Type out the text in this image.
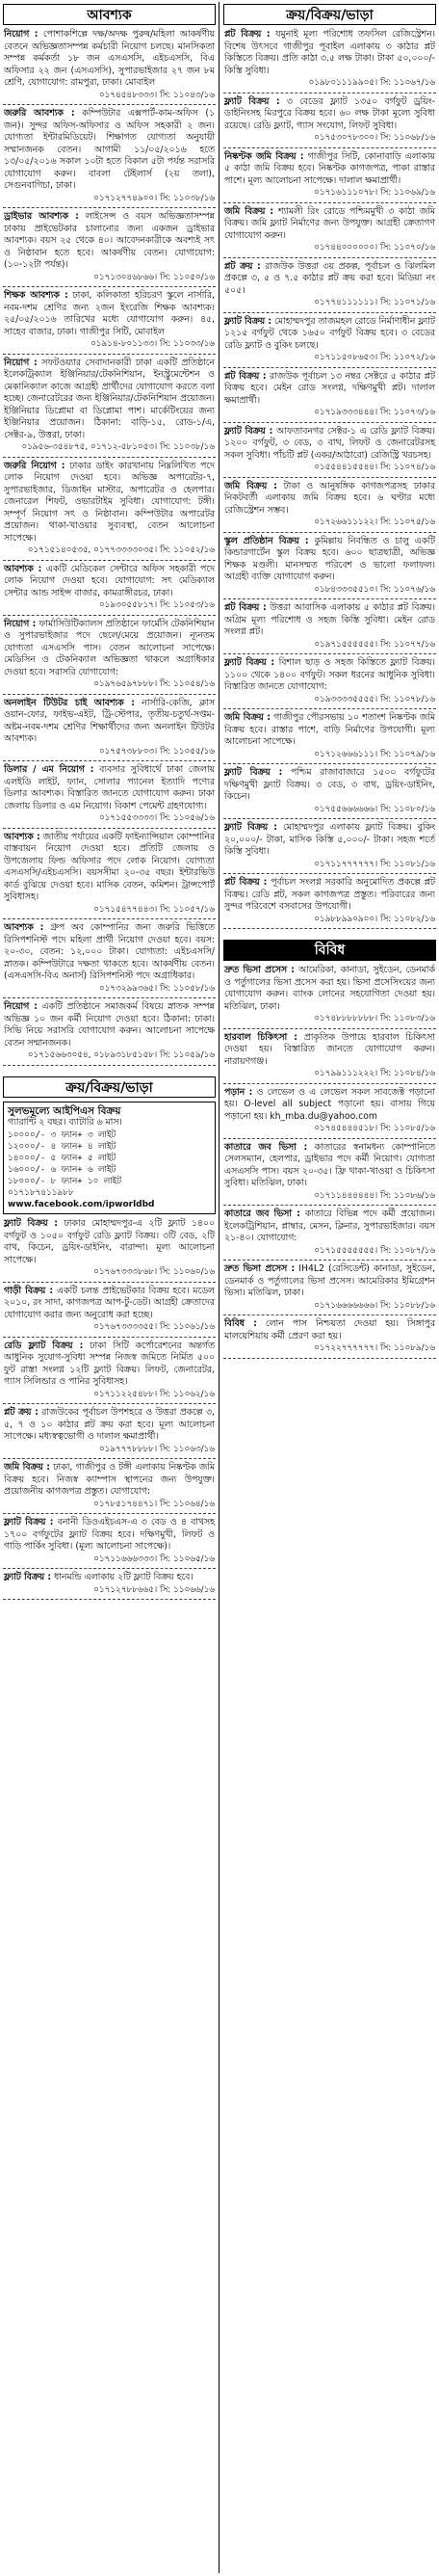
আবশ্যক
নিয়োগ : পোশাকশিল্পে দক্ষ/অদক্ষ পুরুষ/মহিলা আকর্ষণীয় বেতনে অভিজ্ঞতাসম্পন্ন কর্মচারী নিয়োগ চলছে। মানসিকতা সম্পন্ন কর্মকর্তা ১৮ জন এসএসসি, এইচএসসি, বিএ অফিসার ২২ জন (এসএসসি), সুপারভাইজার ২৭ জন ৮ম শ্রেণি, যোগাযোগ: রামপুরা, ঢাকা। মোবাইল
০১৭৪৫৪৮৩৩৩। সি: ১১০৪৩/১৬
জরুরি আবশ্যক : কম্পিউটার এক্সপার্ট-কাম-অফিস (১ জন)। সুন্দর অফিস-অফিসার ও অফিস সহকারী ২ জন। যোগ্যতা ইন্টারমিডিয়েট। শিক্ষাগত যোগ্যতা অনুযায়ী সম্মানজনক বেতন। আগামী ১১/০৫/২০১৬ হতে ১৩/০৫/২০১৬ সকাল ১০টা হতে বিকাল ৫টা পর্যন্ত সরাসরি যোগাযোগ করুন। বাবলা টেইলার্স (২য় তলা), সেগুনবাগিচা, ঢাকা।
০১৭১২৭৭৪৯০০। সি: ১১০৩৮/১৬
ড্রাইভার আবশ্যক : লাইসেন্স ও বয়স অভিজ্ঞতাসম্পন্ন ঢাকায় প্রাইভেটকার চালানোর জন্য একজন ড্রাইভার আবশ্যক। বয়স ২৫ থেকে ৪০। আবেদনকারীকে অবশ্যই সৎ ও নিষ্ঠাবান হতে হবে। আকর্ষণীয় বেতন। যোগাযোগ: (১০-১২টা পর্যন্ত)।
০১৭১৩০৪৬৮৬৬। সি: ১১০৫০/১৬
শিক্ষক আবশ্যক : ঢাকা, কলিকাতা হরিচরণ স্কুলে নার্সারি, নবম-দশম শ্রেণির জন্য ২জন ইংরেজি শিক্ষক আবশ্যক। ২৫/০৫/২০১৬ তারিখের মধ্যে যোগাযোগ করুন। ৪৫, সাহেব বাজার, ঢাকা। গাজীপুর সিটি, মোবাইল
০১৯১৪-৮০১১৩৩। সি: ১১০৩৩/১৬
নিয়োগ : সফটওয়্যার সেবাদানকারী ঢাকা একটি প্রতিষ্ঠানে ইলেকট্রিক্যাল ইঞ্জিনিয়ার/টেকনিশিয়ান, ইনস্ট্রুমেন্টেশন ও মেকানিক্যাল কাজে আগ্রহী প্রার্থীদের যোগাযোগ করতে বলা হচ্ছে। জেনারেটরের জন্য ইঞ্জিনিয়ার/টেকনিশিয়ান প্রয়োজন। ইঞ্জিনিয়ার ডিপ্লোমা বা ডিপ্লোমা পাশ। মার্কেটিংয়ের জন্য ইঞ্জিনিয়ার প্রয়োজন। ঠিকানা: বাড়ি-১৫, রোড-১/এ, সেক্টর-৯, উত্তরা, ঢাকা।
০১৯৫৬-৩৫৪৮৭৫, ০১৭১২-৫৮১০৫৩। সি: ১১০৩৮/১৬
জরুরি নিয়োগ : ঢাকার ডাইং কারখানায় নিম্নলিখিত পদে লোক নিয়োগ দেওয়া হবে। অভিজ্ঞ অপারেটর-৭, সুপারভাইজার, ডিজাইন মাস্টার, অপারেটর ও হেলপার। জেনারেল শিফট, ওভারটাইম সুবিধা। যোগাযোগ: টঙ্গী। সম্পূর্ণ নিয়োগ সৎ ও নিষ্ঠাবান। কম্পিউটার অপারেটর প্রয়োজন। থাকা-খাওয়ার সুব্যবস্থা, বেতন আলোচনা সাপেক্ষে।
০১৭১৫১৪০৫৩৫, ০১৭৭৩৩৩৩০৩৫। সি: ১১০৫২/১৬
আবশ্যক : একটি মেডিকেল সেন্টারে অফিস সহকারী পদে লোক নিয়োগ দেওয়া হবে। যোগাযোগ: সৎ মেডিক্যাল সেন্টার আন্ড সাইন্স বাজার, কামরাঙ্গীরচর, ঢাকা।
০১৯৩০৫৫৮১৭। সি: ১১০৫৩/১৬
নিয়োগ : ফার্মাসিউটিক্যালস প্রতিষ্ঠানে ফার্মেসি টেকনিশিয়ান ও সুপারভাইজার পদে ছেলে/মেয়ে প্রয়োজন। ন্যূনতম যোগ্যতা এসএসসি পাস। বেতন আলোচনা সাপেক্ষে। মেডিসিন ও টেকনিক্যাল অভিজ্ঞতা থাকলে অগ্রাধিকার দেওয়া হবে। সরাসরি যোগাযোগ:
০১৯৭৬৫৯৭৮৮৮। সি: ১১০৫৪/১৬
অনলাইন টিউটর চাই আবশ্যক : নার্সারি-কেজি, ক্লাস ওয়ান-ফোর, ফাইভ-এইট, ট্রি-স্টেপার, তৃতীয়-চতুর্থ-সপ্তম-অষ্টম-নবম-দশম শ্রেণির শিক্ষার্থীদের জন্য অনলাইন টিউটর আবশ্যক।
০১৭৫৭৩৮৮০৩। সি: ১১০৫৫/১৬
ডিলার / এম নিয়োগ : ব্যবসার সুবিধার্থে ঢাকা জেলায় এলইডি লাইট, ফ্যান, সোলার প্যানেল ইত্যাদি পণ্যের ডিলার আবশ্যক। বিস্তারিত জানতে যোগাযোগ করুন। ঢাকা জেলায় ডিলার ও এম নিয়োগ। বিকাশ পেমেন্ট গ্রহণযোগ্য।
০১৭১৫৫৩৩৩৩। সি: ১১০৫৬/১৬
আবশ্যক : জাতীয় পর্যায়ের একটি ফাইন্যান্সিয়াল কোম্পানির বাস্তবায়ন নিয়োগ দেওয়া হবে। প্রতিটি জেলায় ও উপজেলায় ফিল্ড অফিসার পদে লোক নিয়োগ। যোগ্যতা এসএসসি/এইচএসসি। বয়সসীমা ২০-৩৫ বছর। ইন্টারভিউ কার্ড বুঝিয়ে দেওয়া হবে। মাসিক বেতন, কমিশন। ট্রান্সপোর্ট সুবিধাসহ।
০১৭১৫৪৭৭৪৪৩। সি: ১১০৫৭/১৬
আবশ্যক : গ্রুপ অব কোম্পানির জন্য জরুরি ভিত্তিতে রিসিপশনিস্ট পদে মহিলা প্রার্থী নিয়োগ দেওয়া হবে। বয়স: ২০-৩০, বেতন: ১২,০০০ টাকা। যোগ্যতা: এইচএসসি/স্নাতক। কম্পিউটারে দক্ষতা থাকতে হবে। আকর্ষণীয় বেতন। (এসএসসি-বিএ অনার্স) রিসিপশনিস্ট পদে অগ্রাধিকার।
০১৭৩২৯৯৩৬৫। সি: ১১০৫৮/১৬
নিয়োগ : একটি প্রতিষ্ঠানে সমাজকর্ম বিষয়ে স্নাতক সম্পন্ন অভিজ্ঞ ১০ জন কর্মী নিয়োগ দেওয়া হবে। ঠিকানা: ঢাকা। সিভি নিয়ে সরাসরি যোগাযোগ করুন। আলোচনা সাপেক্ষে বেতন সম্মানজনক।
০১৭১৫৬৬৩০৫৪, ০১৮৯৩১৮৫১৫৮। সি: ১১০৫৯/১৬
ক্রয়/বিক্রয়/ভাড়া
সুলভমূল্যে আইপিএস বিক্রয়
গ্যারান্টি ২ বছর। ব্যাটারি ৬ মাস।
১০০০০/- ৩ ফ্যান+ ৩ লাইট
১২০০০/- ৪ ফ্যান+ ৪ লাইট
১৪০০০/- ৫ ফ্যান+ ৫ লাইট
১৬০০০/- ৬ ফ্যান+ ৬ লাইট
১৮০০০/- ৮ ফ্যান+ ১০ লাইট
০১৭১৮৭৪১১৯৮৮
www.facebook.com/ipworldbd
ফ্ল্যাট বিক্রয় : ঢাকার মোহাম্মদপুর-এ ২টি ফ্ল্যাট ১৪০০ বর্গফুট ও ১০৫০ বর্গফুট রেডি ফ্ল্যাট বিক্রয়। ৩টি বেড, ২টি বাথ, কিচেন, ড্রয়িং-ডাইনিং, বারান্দা। মূল্য আলোচনা সাপেক্ষে।
০১৭৬৭৩৩৩৮৬৮। সি: ১১০৬০/১৬
গাড়ী বিক্রয় : একটি চলন্ত প্রাইভেটকার বিক্রয় হবে। মডেল ২০১০, রং সাদা, কাগজপত্র আপ-টু-ডেট। আগ্রহী ক্রেতাদের যোগাযোগ করার জন্য অনুরোধ করা হচ্ছে।
০১৭৬৭৩৩৩৩৫৫। সি: ১১০৬১/১৬
রেডি ফ্ল্যাট বিক্রয় : ঢাকা সিটি কর্পোরেশনের অন্তর্গত আধুনিক সুযোগ-সুবিধা সম্পন্ন নিজস্ব জমিতে নির্মিত ৫০০ ফুট রাস্তা সংলগ্ন ১২টি ফ্ল্যাট বিক্রয়। লিফট, জেনারেটর, গ্যাস সিলিন্ডার ও পানির সুবিধাসহ।
০১৭১১২২৫৪৮৮। সি: ১১০৬২/১৬
প্লট ক্রয় : রাজউকের পূর্বাচল উপশহরে ও উত্তরা প্রকল্পে ৩, ৫, ৭ ও ১০ কাঠার প্লট ক্রয় করা হবে। মূল্য আলোচনা সাপেক্ষে। মধ্যস্বত্বভোগী ও দালাল ক্ষমাপ্রার্থী।
০১৯৭৭৭৮৮৮৮। সি: ১১০৬৩/১৬
জমি বিক্রয় : ঢাকা, গাজীপুর ও টঙ্গী এলাকায় নিষ্কণ্টক জমি বিক্রয় হবে। নিজস্ব ক্যাম্পাস স্থাপনের জন্য উপযুক্ত। প্রয়োজনীয় কাগজপত্র প্রস্তুত। যোগাযোগ:
০১৭৮৫১৭৪৪৭১। সি: ১১০৬৪/১৬
ফ্ল্যাট বিক্রয় : বনানী ডিওএইচএস-এ ৩ বেড ও ৪ বাথসহ ১৭০০ বর্গফুটের ফ্ল্যাট বিক্রয় হবে। দক্ষিণমুখী, লিফট ও গাড়ি পার্কিং সুবিধা। (মূল্য আলোচনা সাপেক্ষে)।
০১৭১১৬৬৬৩৩৩। সি: ১১০৬৫/১৬
ফ্ল্যাট বিক্রয় : ধানমন্ডি এলাকায় ২টি ফ্ল্যাট বিক্রয় হবে।
০১৭১২৭৮৮৬৬৫। সি: ১১০৬৬/১৬
ক্রয়/বিক্রয়/ভাড়া
প্লট বিক্রয় : যমুনাই মূল্য পরিশোধ তফসিল রেজিস্ট্রেশন। বিশেষ উৎসবে গাজীপুর পূবাইল এলাকায় ৩ কাঠার প্লট কিস্তিতে বিক্রয়। প্রতি কাঠা ৩.৫ লক্ষ টাকা। টাকা ৫০,০০০/- কিস্তি সুবিধা।
০১৯৮০১১১৯৯০৫। সি: ১১০৬৭/১৬
ফ্ল্যাট বিক্রয় : ৩ বেডের ফ্ল্যাট ১৩৫০ বর্গফুট ড্রয়িং-ডাইনিংসহ মিরপুরে বিক্রয় হবে। ৬০ লক্ষ টাকা মূল্যে সুবিধা রয়েছে। রেডি ফ্ল্যাট, গ্যাস সংযোগ, লিফট সুবিধা।
০১৭৫৩০৭৮৩০০। সি: ১১০৬৮/১৬
নিষ্কণ্টক জমি বিক্রয় : গাজীপুর সিটি, কোনাবাড়ি এলাকায় ৫ কাঠা জমি বিক্রয় হবে। নিষ্কণ্টক কাগজপত্র, পাকা রাস্তার পাশে। মূল্য আলোচনা সাপেক্ষে। দালাল ক্ষমাপ্রার্থী।
০১৭১৬১১১০৭৮। সি: ১১০৬৯/১৬
জমি বিক্রয় : শ্যামলী রিং রোডে পশ্চিমমুখী ৩ কাঠা জমি বিক্রয়। জমি ফ্ল্যাট নির্মাণের জন্য উপযুক্ত। আগ্রহী ক্রেতাগণ যোগাযোগ করুন।
০১৭৪৪০০০০০০। সি: ১১০৭০/১৬
প্লট ক্রয় : রাজউক উত্তরা ৩য় প্রকল্প, পূর্বাচল ও ঝিলমিল প্রকল্পে ৩, ৫ ও ৭.৫ কাঠার প্লট ক্রয় করা হবে। মিডিয়া নং ৫০৫।
০১৭৭৪১১১১১১। সি: ১১০৭১/১৬
ফ্ল্যাট বিক্রয় : মোহাম্মদপুর তাজমহল রোডে নির্মাণাধীন ফ্ল্যাট ১২১৫ বর্গফুট থেকে ১৬৫০ বর্গফুট বিক্রয় হবে। ৩ বেডের রেডি ফ্ল্যাট ও বুকিং চলছে।
০১৭১১৫০৮৬৫৩। সি: ১১০৭২/১৬
প্লট বিক্রয় : রাজউক পূর্বাচল ১৩ নম্বর সেক্টরে ৫ কাঠার প্লট বিক্রয় হবে। মেইন রোড সংলগ্ন, দক্ষিণমুখী প্লট। দালাল ক্ষমাপ্রার্থী।
০১৭১৯৩৩৩৪৪৪। সি: ১১০৭৩/১৬
ফ্ল্যাট বিক্রয় : আফতাবনগর সেক্টর-১ এ রেডি ফ্ল্যাট বিক্রয়। ১২০০ বর্গফুট, ৩ বেড, ৩ বাথ, লিফট ও জেনারেটরসহ সকল সুবিধা। পাঁচটি প্লট (একর/আঠারো) রেজিস্ট্রি খরচসহ।
০১৫৫৪৪১৫৫৪৪। সি: ১১০৭৪/১৬
জমি বিক্রয় : টাকা ও আনুষঙ্গিক কাগজপত্রসহ ঢাকার নিকটবর্তী এলাকায় জমি বিক্রয় হবে। ৬ ঘণ্টার মধ্যে রেজিস্ট্রেশন সম্ভব।
০১৭২৬৬১১১২২। সি: ১১০৭৫/১৬
স্কুল প্রতিষ্ঠান বিক্রয় : কুমিল্লায় নিবন্ধিত ও চালু একটি কিন্ডারগার্টেন স্কুল বিক্রয় হবে। ৬০০ ছাত্রছাত্রী, অভিজ্ঞ শিক্ষক মণ্ডলী। মানসম্মত পরিবেশ ও ভালো ফলাফল। আগ্রহী ব্যক্তি যোগাযোগ করুন।
০১৮৪৩৩৩৫৫১০। সি: ১১০৭৬/১৬
প্লট বিক্রয় : উত্তরা আবাসিক এলাকায় ৫ কাঠার প্লট বিক্রয়। অগ্রিম মূল্য পরিশোধ ও সহজ কিস্তি সুবিধা। মেইন রোড সংলগ্ন প্লট।
০১৯৭১৫৫৫৫৫৫। সি: ১১০৭৭/১৬
ফ্ল্যাট বিক্রয় : বিশাল ছাড় ও সহজ কিস্তিতে ফ্ল্যাট বিক্রয়। ১১০০ থেকে ১৪০০ বর্গফুট। সকল ধরনের আধুনিক সুবিধা। বিস্তারিত জানতে যোগাযোগ:
০১৯৩৩৩৩৫৫৫৫। সি: ১১০৭৮/১৬
জমি বিক্রয় : গাজীপুর পৌরসভায় ১০ শতাংশ নিষ্কণ্টক জমি বিক্রয় হবে। রাস্তার পাশে, বাড়ি নির্মাণের উপযোগী। মূল্য আলোচনা সাপেক্ষে।
০১৭১২৬৬৬১১১। সি: ১১০৭৯/১৬
ফ্ল্যাট বিক্রয় : পশ্চিম রাজাবাজারে ১৫০০ বর্গফুটের দক্ষিণমুখী ফ্ল্যাট বিক্রয়। ৩ বেড, ৩ বাথ, ড্রয়িং-ডাইনিং, কিচেন।
০১৭৫৫৬৬৬৬৬৬। সি: ১১০৮০/১৬
ফ্ল্যাট বিক্রয় : মোহাম্মদপুর এলাকায় ফ্ল্যাট বিক্রয়। বুকিং ২০,০০০/- টাকা, মাসিক কিস্তি ৫,০০০/- টাকা। সহজ শর্তে কিস্তি সুবিধা।
০১৭১১৭৭৭৭৭৭। সি: ১১০৮১/১৬
প্লট বিক্রয় : পূর্বাচল সংলগ্ন সরকারি অনুমোদিত প্রকল্পে প্লট বিক্রয়। রেডি প্লট, সকল কাগজপত্র প্রস্তুত। পরিবারের জন্য সুন্দর পরিবেশে বসবাসের উপযোগী।
০১৯৮৮৯৯০৯০০। সি: ১১০৮২/১৬
বিবিধ
দ্রুত ভিসা প্রসেস : আমেরিকা, কানাডা, সুইডেন, ডেনমার্ক ও পর্তুগালের ভিসা প্রসেস করা হয়। ভিসা প্রসেসিংয়ের জন্য যোগাযোগ করুন। ব্যাংক লোনের সহযোগিতা দেওয়া হয়। মতিঝিল, ঢাকা।
০১৭৪৮৮৮৮৮৮৮। সি: ১১০৮৩/১৬
হারবাল চিকিৎসা : প্রাকৃতিক উপায়ে হারবাল চিকিৎসা দেওয়া হয়। বিস্তারিত জানতে যোগাযোগ করুন। নারায়ণগঞ্জ।
০১৭৯৯১১১২২২। সি: ১১০৮৪/১৬
পড়ান : ও লেভেল ও এ লেভেল সকল সাবজেক্ট পড়ানো হয়। O-level all subject পড়ানো হয়। বাসায় গিয়ে পড়ানো হয়। kh_mba.du@yahoo.com
০১৭৪৫৪৪৪৫১৮। সি: ১১০৮৫/১৬
কাতারে জব ভিসা : কাতারের স্বনামধন্য কোম্পানিতে সেলসম্যান, হেলপার, ড্রাইভার পদে কর্মী নিয়োগ। যোগ্যতা এসএসসি পাস। বয়স ২০-৩৫। ফ্রি থাকা-খাওয়া ও চিকিৎসা সুবিধা। মতিঝিল, ঢাকা।
০১৭১১৪৪৪৪৪৪। সি: ১১০৮৬/১৬
কাতারে জব ভিসা : কাতারে বিভিন্ন পদে কর্মী প্রয়োজন। ইলেকট্রিশিয়ান, প্লাম্বার, মেসন, ক্লিনার, সুপারভাইজার। বয়স ২১-৪০। যোগাযোগ:
০১৭১৫৫৫৫৫৫৫। সি: ১১০৮৭/১৬
দ্রুত ভিসা প্রসেস : IH4L2 (রেসিডেন্ট) কানাডা, সুইডেন, ডেনমার্ক ও পর্তুগালের ভিসা প্রসেস। আমেরিকার ইমিগ্রেশন ভিসা। মতিঝিল, ঢাকা।
০১৭১৬৬৬৬৬৬৬। সি: ১১০৮৮/১৬
বিবিধ : লোন পাস নিশ্চয়তা দেওয়া হয়। সিঙ্গাপুর মালয়েশিয়ায় কর্মী প্রেরণ করা হয়।
০১৭২২৭৭৭৭৭৭। সি: ১১০৮৯/১৬
